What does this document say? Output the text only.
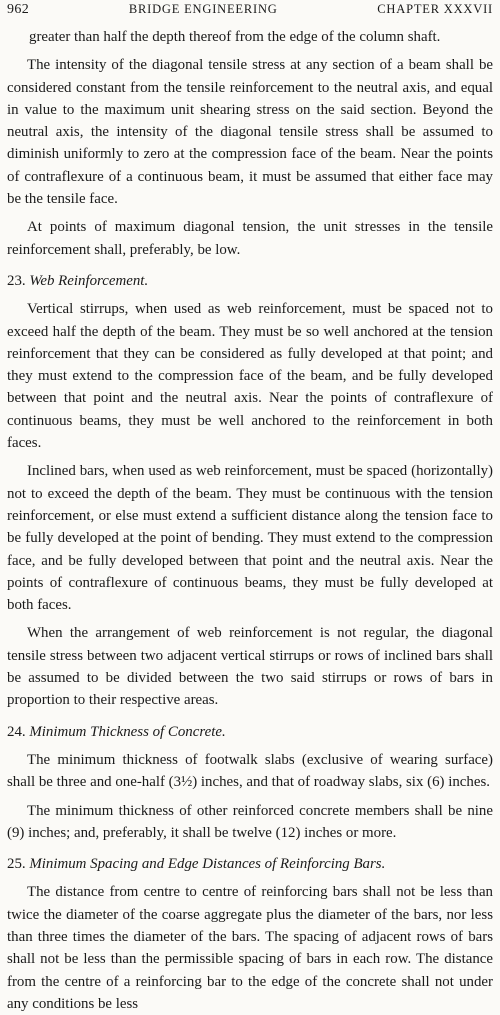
962	BRIDGE ENGINEERING	CHAPTER XXXVII

greater than half the depth thereof from the edge of the column shaft.

The intensity of the diagonal tensile stress at any section of a beam shall be considered constant from the tensile reinforcement to the neutral axis, and equal in value to the maximum unit shearing stress on the said section. Beyond the neutral axis, the intensity of the diagonal tensile stress shall be assumed to diminish uniformly to zero at the compression face of the beam. Near the points of contraflexure of a continuous beam, it must be assumed that either face may be the tensile face.

At points of maximum diagonal tension, the unit stresses in the tensile reinforcement shall, preferably, be low.

23. Web Reinforcement.

Vertical stirrups, when used as web reinforcement, must be spaced not to exceed half the depth of the beam. They must be so well anchored at the tension reinforcement that they can be considered as fully developed at that point; and they must extend to the compression face of the beam, and be fully developed between that point and the neutral axis. Near the points of contraflexure of continuous beams, they must be well anchored to the reinforcement in both faces.

Inclined bars, when used as web reinforcement, must be spaced (horizontally) not to exceed the depth of the beam. They must be continuous with the tension reinforcement, or else must extend a sufficient distance along the tension face to be fully developed at the point of bending. They must extend to the compression face, and be fully developed between that point and the neutral axis. Near the points of contraflexure of continuous beams, they must be fully developed at both faces.

When the arrangement of web reinforcement is not regular, the diagonal tensile stress between two adjacent vertical stirrups or rows of inclined bars shall be assumed to be divided between the two said stirrups or rows of bars in proportion to their respective areas.

24. Minimum Thickness of Concrete.

The minimum thickness of footwalk slabs (exclusive of wearing surface) shall be three and one-half (3½) inches, and that of roadway slabs, six (6) inches.

The minimum thickness of other reinforced concrete members shall be nine (9) inches; and, preferably, it shall be twelve (12) inches or more.

25. Minimum Spacing and Edge Distances of Reinforcing Bars.

The distance from centre to centre of reinforcing bars shall not be less than twice the diameter of the coarse aggregate plus the diameter of the bars, nor less than three times the diameter of the bars. The spacing of adjacent rows of bars shall not be less than the permissible spacing of bars in each row. The distance from the centre of a reinforcing bar to the edge of the concrete shall not under any conditions be less
